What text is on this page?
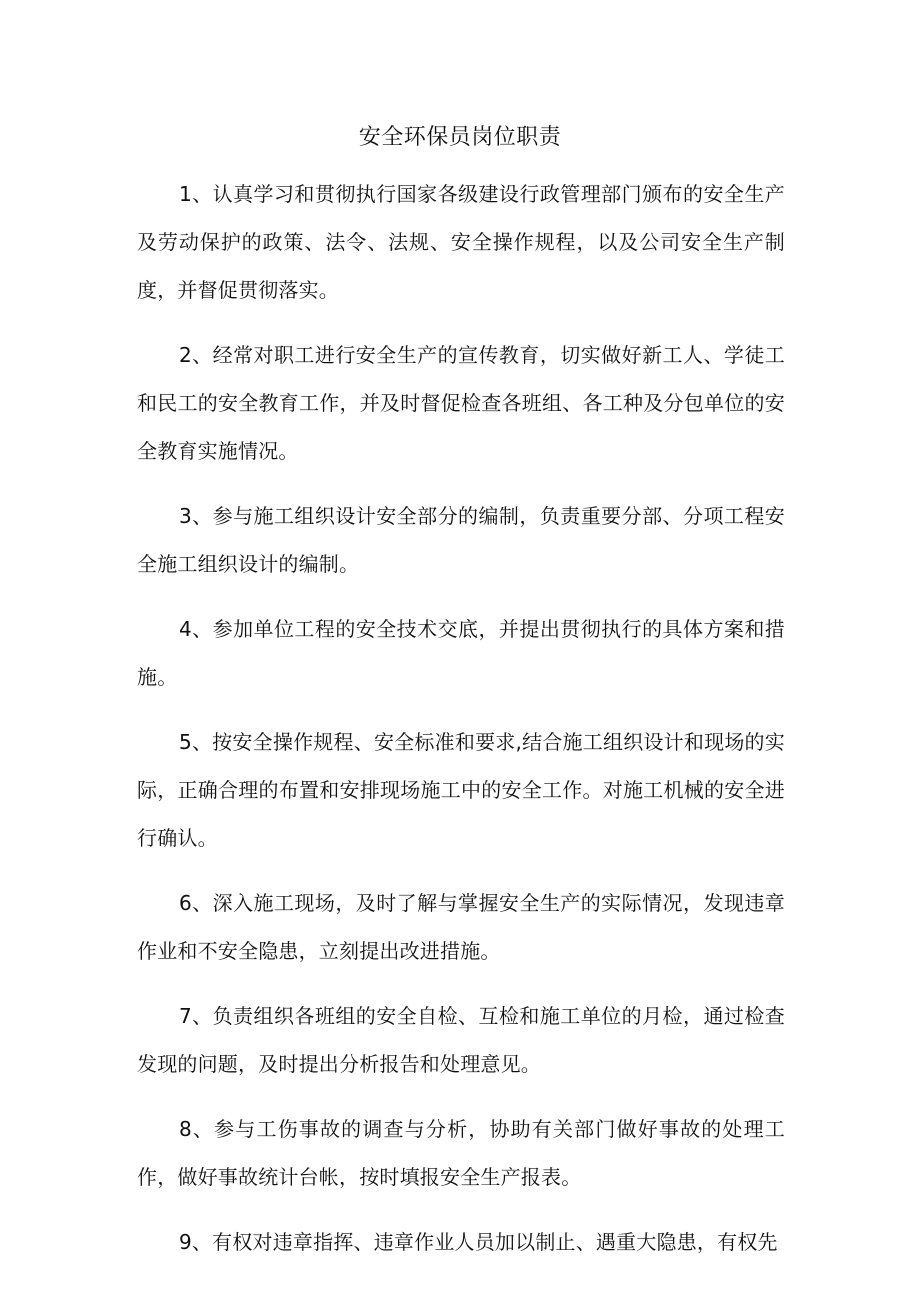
安全环保员岗位职责

1、认真学习和贯彻执行国家各级建设行政管理部门颁布的安全生产及劳动保护的政策、法令、法规、安全操作规程，以及公司安全生产制度，并督促贯彻落实。

2、经常对职工进行安全生产的宣传教育，切实做好新工人、学徒工和民工的安全教育工作，并及时督促检查各班组、各工种及分包单位的安全教育实施情况。

3、参与施工组织设计安全部分的编制，负责重要分部、分项工程安全施工组织设计的编制。

4、参加单位工程的安全技术交底，并提出贯彻执行的具体方案和措施。

5、按安全操作规程、安全标准和要求,结合施工组织设计和现场的实际，正确合理的布置和安排现场施工中的安全工作。对施工机械的安全进行确认。

6、深入施工现场，及时了解与掌握安全生产的实际情况，发现违章作业和不安全隐患，立刻提出改进措施。

7、负责组织各班组的安全自检、互检和施工单位的月检，通过检查发现的问题，及时提出分析报告和处理意见。

8、参与工伤事故的调查与分析，协助有关部门做好事故的处理工作，做好事故统计台帐，按时填报安全生产报表。

9、有权对违章指挥、违章作业人员加以制止、遇重大隐患，有权先
